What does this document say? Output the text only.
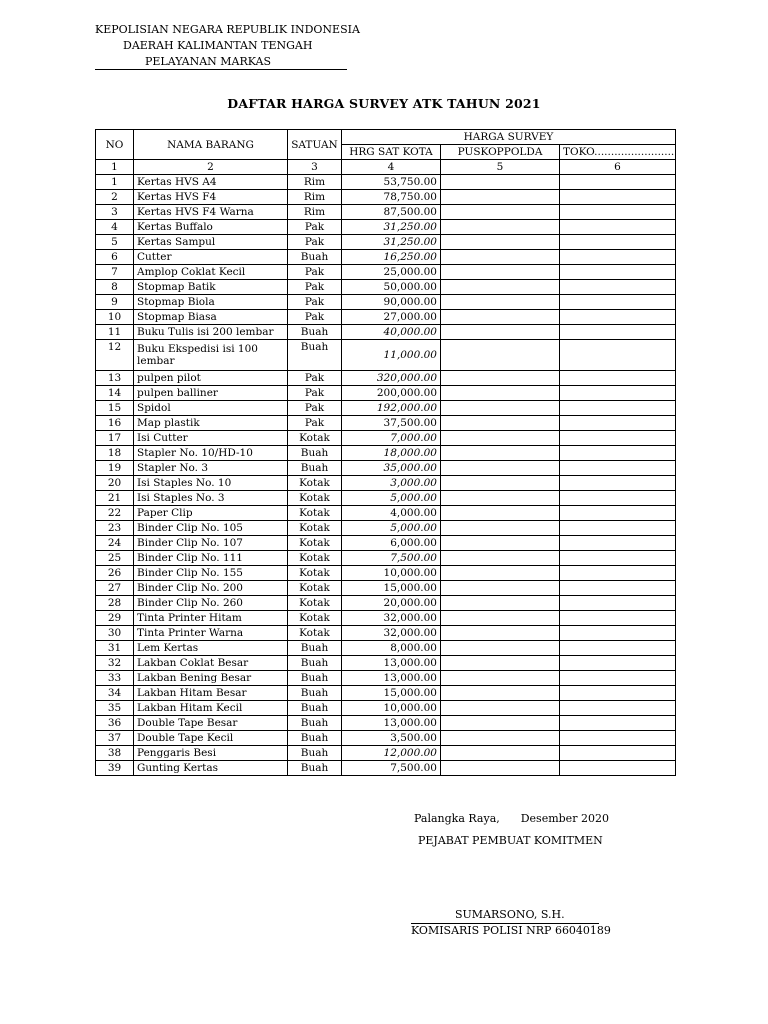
KEPOLISIAN NEGARA REPUBLIK INDONESIA
DAERAH KALIMANTAN TENGAH
PELAYANAN MARKAS
DAFTAR HARGA SURVEY ATK TAHUN 2021
NO	NAMA BARANG	SATUAN	HARGA SURVEY		
			HRG SAT KOTA	PUSKOPPOLDA	TOKO........................
1	2	3	4	5	6
1	Kertas HVS A4	Rim	53,750.00		
2	Kertas HVS F4	Rim	78,750.00		
3	Kertas HVS F4 Warna	Rim	87,500.00		
4	Kertas Buffalo	Pak	31,250.00		
5	Kertas Sampul	Pak	31,250.00		
6	Cutter	Buah	16,250.00		
7	Amplop Coklat Kecil	Pak	25,000.00		
8	Stopmap Batik	Pak	50,000.00		
9	Stopmap Biola	Pak	90,000.00		
10	Stopmap Biasa	Pak	27,000.00		
11	Buku Tulis isi 200 lembar	Buah	40,000.00		
12	Buku Ekspedisi isi 100 lembar	Buah	11,000.00		
13	pulpen pilot	Pak	320,000.00		
14	pulpen balliner	Pak	200,000.00		
15	Spidol	Pak	192,000.00		
16	Map plastik	Pak	37,500.00		
17	Isi Cutter	Kotak	7,000.00		
18	Stapler No. 10/HD-10	Buah	18,000.00		
19	Stapler No. 3	Buah	35,000.00		
20	Isi Staples No. 10	Kotak	3,000.00		
21	Isi Staples No. 3	Kotak	5,000.00		
22	Paper Clip	Kotak	4,000.00		
23	Binder Clip No. 105	Kotak	5,000.00		
24	Binder Clip No. 107	Kotak	6,000.00		
25	Binder Clip No. 111	Kotak	7,500.00		
26	Binder Clip No. 155	Kotak	10,000.00		
27	Binder Clip No. 200	Kotak	15,000.00		
28	Binder Clip No. 260	Kotak	20,000.00		
29	Tinta Printer Hitam	Kotak	32,000.00		
30	Tinta Printer Warna	Kotak	32,000.00		
31	Lem Kertas	Buah	8,000.00		
32	Lakban Coklat Besar	Buah	13,000.00		
33	Lakban Bening Besar	Buah	13,000.00		
34	Lakban Hitam Besar	Buah	15,000.00		
35	Lakban Hitam Kecil	Buah	10,000.00		
36	Double Tape Besar	Buah	13,000.00		
37	Double Tape Kecil	Buah	3,500.00		
38	Penggaris Besi	Buah	12,000.00		
39	Gunting Kertas	Buah	7,500.00		
Palangka Raya,      Desember 2020
PEJABAT PEMBUAT KOMITMEN
SUMARSONO, S.H.
KOMISARIS POLISI NRP 66040189
